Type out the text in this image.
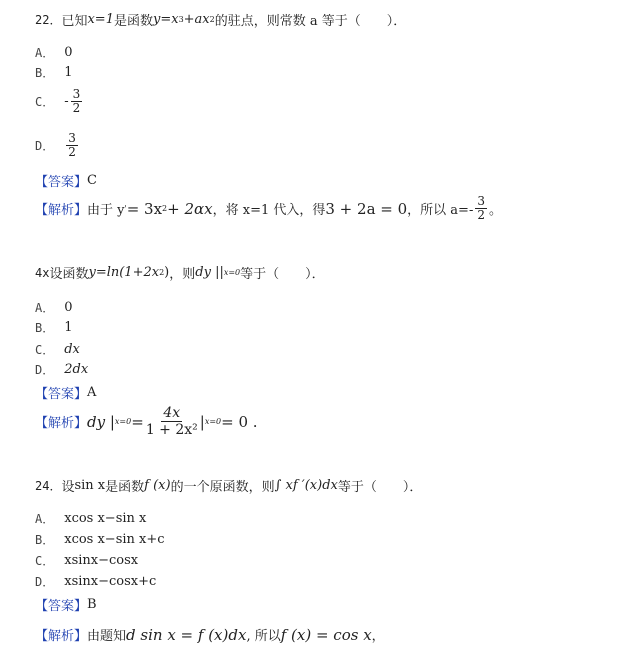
22． 已知 x=1 是函数 y=x 3 +ax 2 的驻点，则常数 a 等于（　　）．
A． 0
B． 1
C． - $\frac{3}{2}$
D． $\frac{3}{2}$
【答案】 C
【解析】 由于 y ' = 3x 2 + 2αx ，将 x=1 代入，得 3 + 2a = 0 ，所以 $a=- \frac{3}{2}$ 。
4x 设函数 y=ln(1+2x 2 ) ，则 dy | | x=0 等于（　　）．
A． 0
B． 1
C． dx
D． 2dx
【答案】 A
【解析】 dy | $x=0 = \frac{4x}{\text{1 + 2x²}}$ | x=0 = 0 .
24． 设 sin x 是函数 f (x) 的一个原函数，则 ∫ xf ′(x)dx 等于（　　）．
A． xcos x−sin x
B． xcos x−sin x+c
C． xsinx−cosx
D． xsinx−cosx+c
【答案】 B
【解析】 由题知 d sin x = f (x)dx , 所以 f (x) = cos x ，
